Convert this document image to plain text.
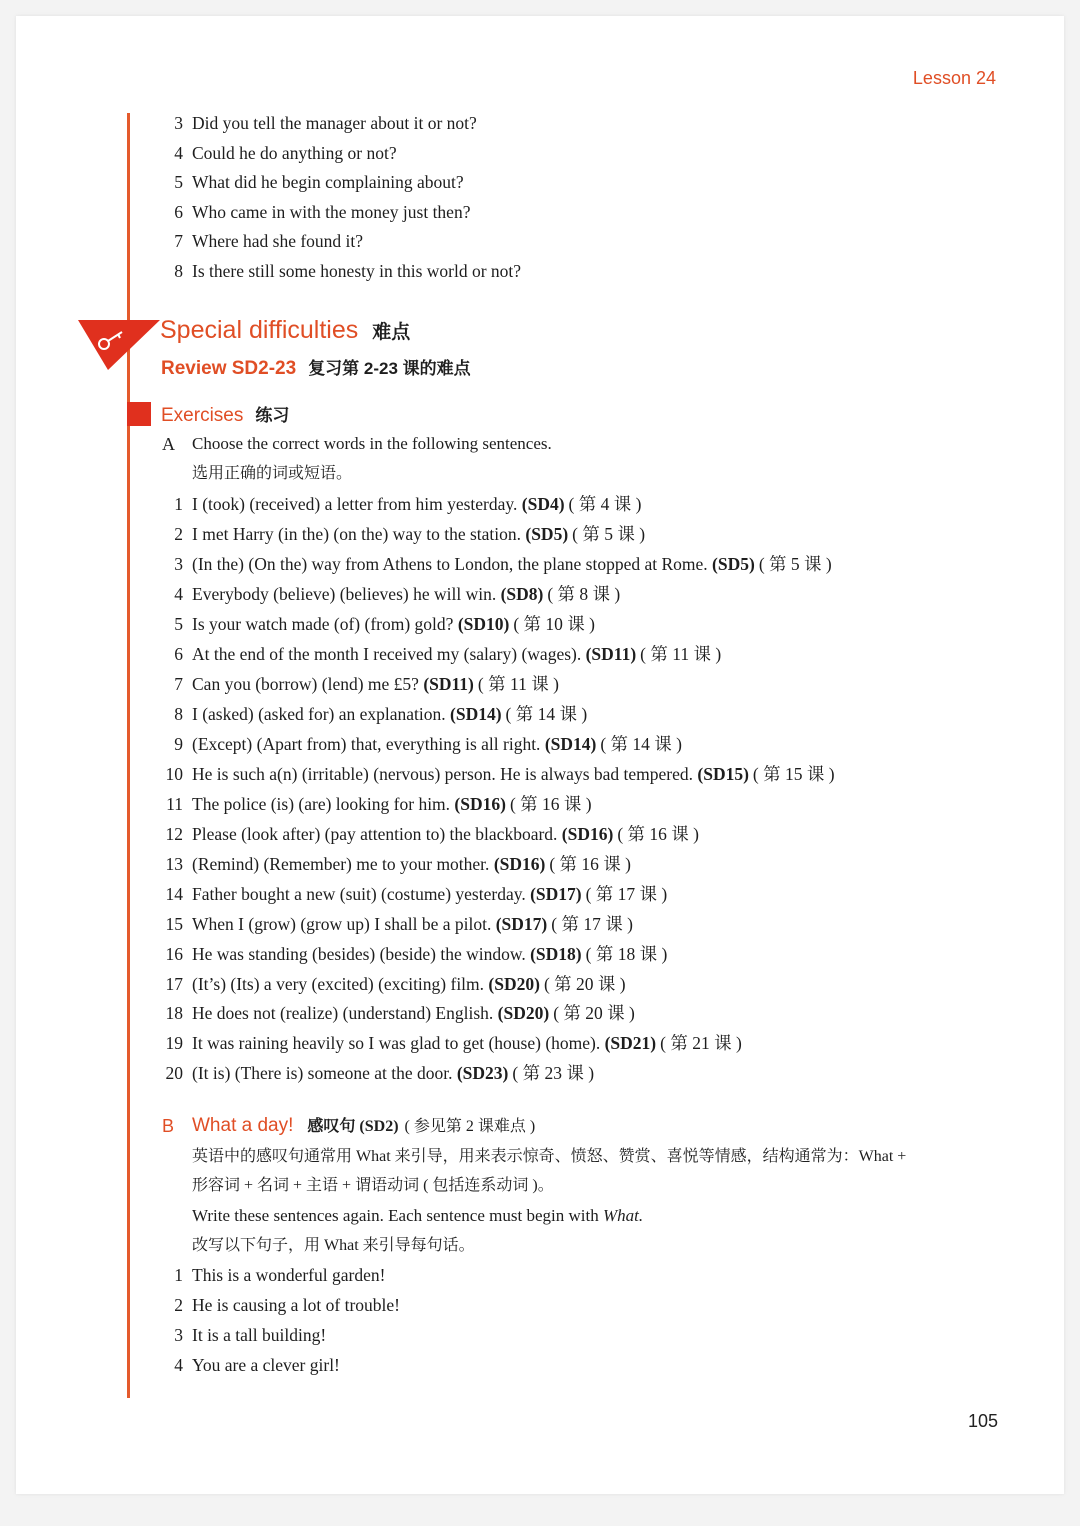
Lesson 24
3 Did you tell the manager about it or not?
4 Could he do anything or not?
5 What did he begin complaining about?
6 Who came in with the money just then?
7 Where had she found it?
8 Is there still some honesty in this world or not?
Special difficulties 难点
Review SD2-23 复习第 2-23 课的难点
Exercises 练习
A Choose the correct words in the following sentences.
选用正确的词或短语。
1 I (took) (received) a letter from him yesterday. (SD4) ( 第 4 课 )
2 I met Harry (in the) (on the) way to the station. (SD5) ( 第 5 课 )
3 (In the) (On the) way from Athens to London, the plane stopped at Rome. (SD5) ( 第 5 课 )
4 Everybody (believe) (believes) he will win. (SD8) ( 第 8 课 )
5 Is your watch made (of) (from) gold? (SD10) ( 第 10 课 )
6 At the end of the month I received my (salary) (wages). (SD11) ( 第 11 课 )
7 Can you (borrow) (lend) me £5? (SD11) ( 第 11 课 )
8 I (asked) (asked for) an explanation. (SD14) ( 第 14 课 )
9 (Except) (Apart from) that, everything is all right. (SD14) ( 第 14 课 )
10 He is such a(n) (irritable) (nervous) person. He is always bad tempered. (SD15) ( 第 15 课 )
11 The police (is) (are) looking for him. (SD16) ( 第 16 课 )
12 Please (look after) (pay attention to) the blackboard. (SD16) ( 第 16 课 )
13 (Remind) (Remember) me to your mother. (SD16) ( 第 16 课 )
14 Father bought a new (suit) (costume) yesterday. (SD17) ( 第 17 课 )
15 When I (grow) (grow up) I shall be a pilot. (SD17) ( 第 17 课 )
16 He was standing (besides) (beside) the window. (SD18) ( 第 18 课 )
17 (It’s) (Its) a very (excited) (exciting) film. (SD20) ( 第 20 课 )
18 He does not (realize) (understand) English. (SD20) ( 第 20 课 )
19 It was raining heavily so I was glad to get (house) (home). (SD21) ( 第 21 课 )
20 (It is) (There is) someone at the door. (SD23) ( 第 23 课 )
B What a day! 感叹句 (SD2) ( 参见第 2 课难点 )
英语中的感叹句通常用 What 来引导，用来表示惊奇、愤怒、赞赏、喜悦等情感，结构通常为：What +
形容词 + 名词 + 主语 + 谓语动词 ( 包括连系动词 )。
Write these sentences again. Each sentence must begin with What.
改写以下句子，用 What 来引导每句话。
1 This is a wonderful garden!
2 He is causing a lot of trouble!
3 It is a tall building!
4 You are a clever girl!
105
